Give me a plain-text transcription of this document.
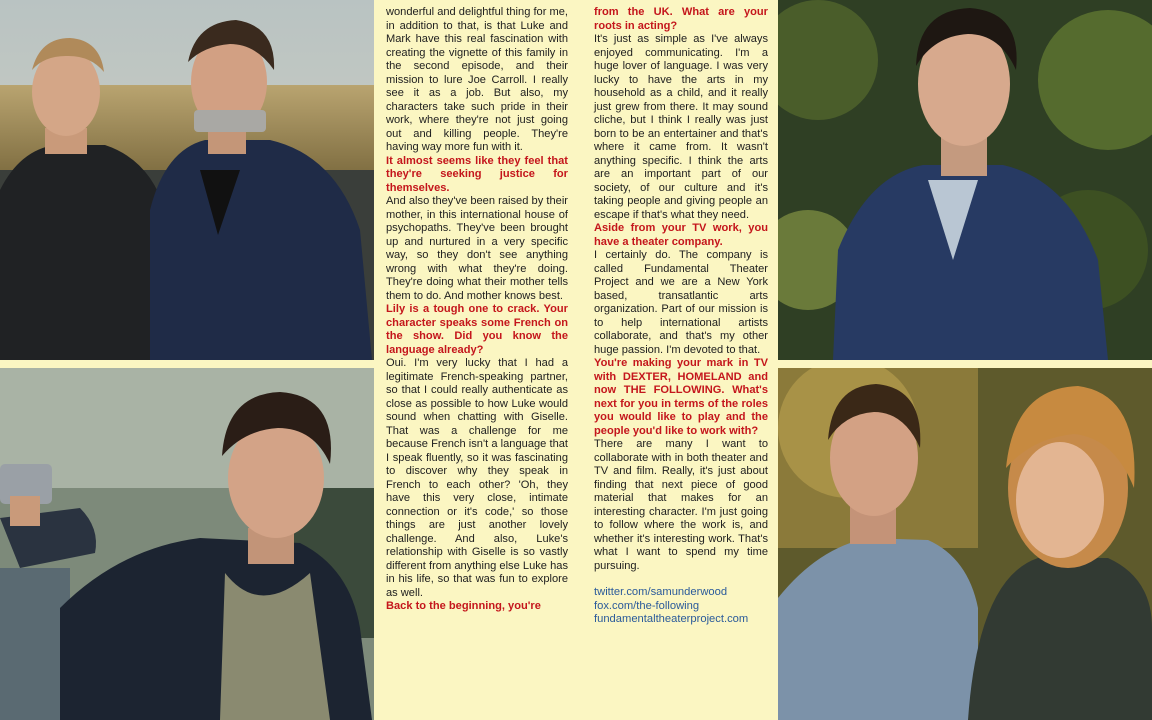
wonderful and delightful thing for me, in addition to that, is that Luke and Mark have this real fascination with creating the vignette of this family in the second episode, and their mission to lure Joe Carroll. I really see it as a job. But also, my characters take such pride in their work, where they're not just going out and killing people. They're having way more fun with it.

It almost seems like they feel that they're seeking justice for themselves.

And also they've been raised by their mother, in this international house of psychopaths. They've been brought up and nurtured in a very specific way, so they don't see anything wrong with what they're doing. They're doing what their mother tells them to do. And mother knows best.

Lily is a tough one to crack. Your character speaks some French on the show. Did you know the language already?

Oui. I'm very lucky that I had a legitimate French-speaking partner, so that I could really authenticate as close as possible to how Luke would sound when chatting with Giselle. That was a challenge for me because French isn't a language that I speak fluently, so it was fascinating to discover why they speak in French to each other? 'Oh, they have this very close, intimate connection or it's code,' so those things are just another lovely challenge. And also, Luke's relationship with Giselle is so vastly different from anything else Luke has in his life, so that was fun to explore as well.

Back to the beginning, you're

from the UK. What are your roots in acting?

It's just as simple as I've always enjoyed communicating. I'm a huge lover of language. I was very lucky to have the arts in my household as a child, and it really just grew from there. It may sound cliche, but I think I really was just born to be an entertainer and that's where it came from. It wasn't anything specific. I think the arts are an important part of our society, of our culture and it's taking people and giving people an escape if that's what they need.

Aside from your TV work, you have a theater company.

I certainly do. The company is called Fundamental Theater Project and we are a New York based, transatlantic arts organization. Part of our mission is to help international artists collaborate, and that's my other huge passion. I'm devoted to that.

You're making your mark in TV with DEXTER, HOMELAND and now THE FOLLOWING. What's next for you in terms of the roles you would like to play and the people you'd like to work with?

There are many I want to collaborate with in both theater and TV and film. Really, it's just about finding that next piece of good material that makes for an interesting character. I'm just going to follow where the work is, and whether it's interesting work. That's what I want to spend my time pursuing.

twitter.com/samunderwood
fox.com/the-following
fundamentaltheaterproject.com
